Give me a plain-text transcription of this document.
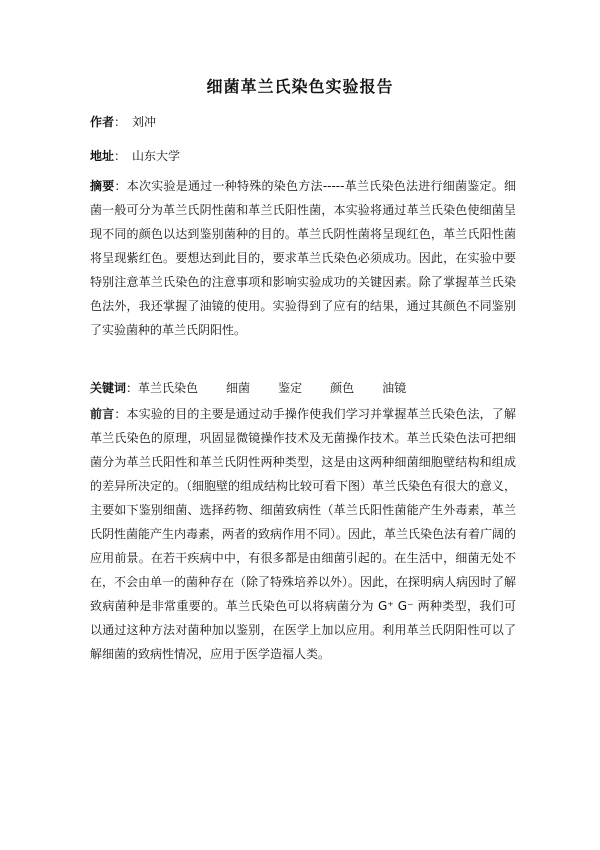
细菌革兰氏染色实验报告
作者： 刘冲
地址： 山东大学

摘要：本次实验是通过一种特殊的染色方法-----革兰氏染色法进行细菌鉴定。细菌一般可分为革兰氏阴性菌和革兰氏阳性菌，本实验将通过革兰氏染色使细菌呈现不同的颜色以达到鉴别菌种的目的。革兰氏阴性菌将呈现红色，革兰氏阳性菌将呈现紫红色。要想达到此目的，要求革兰氏染色必须成功。因此，在实验中要特别注意革兰氏染色的注意事项和影响实验成功的关键因素。除了掌握革兰氏染色法外，我还掌握了油镜的使用。实验得到了应有的结果，通过其颜色不同鉴别了实验菌种的革兰氏阴阳性。

关键词：革兰氏染色 细菌 鉴定 颜色 油镜

前言：本实验的目的主要是通过动手操作使我们学习并掌握革兰氏染色法，了解革兰氏染色的原理，巩固显微镜操作技术及无菌操作技术。革兰氏染色法可把细菌分为革兰氏阳性和革兰氏阴性两种类型，这是由这两种细菌细胞壁结构和组成的差异所决定的。（细胞壁的组成结构比较可看下图）革兰氏染色有很大的意义，主要如下鉴别细菌、选择药物、细菌致病性（革兰氏阳性菌能产生外毒素，革兰氏阴性菌能产生内毒素，两者的致病作用不同）。因此，革兰氏染色法有着广阔的应用前景。在若干疾病中中，有很多都是由细菌引起的。在生活中，细菌无处不在，不会由单一的菌种存在（除了特殊培养以外）。因此，在探明病人病因时了解致病菌种是非常重要的。革兰氏染色可以将病菌分为 G⁺ G⁻ 两种类型，我们可以通过这种方法对菌种加以鉴别，在医学上加以应用。利用革兰氏阴阳性可以了解细菌的致病性情况，应用于医学造福人类。
